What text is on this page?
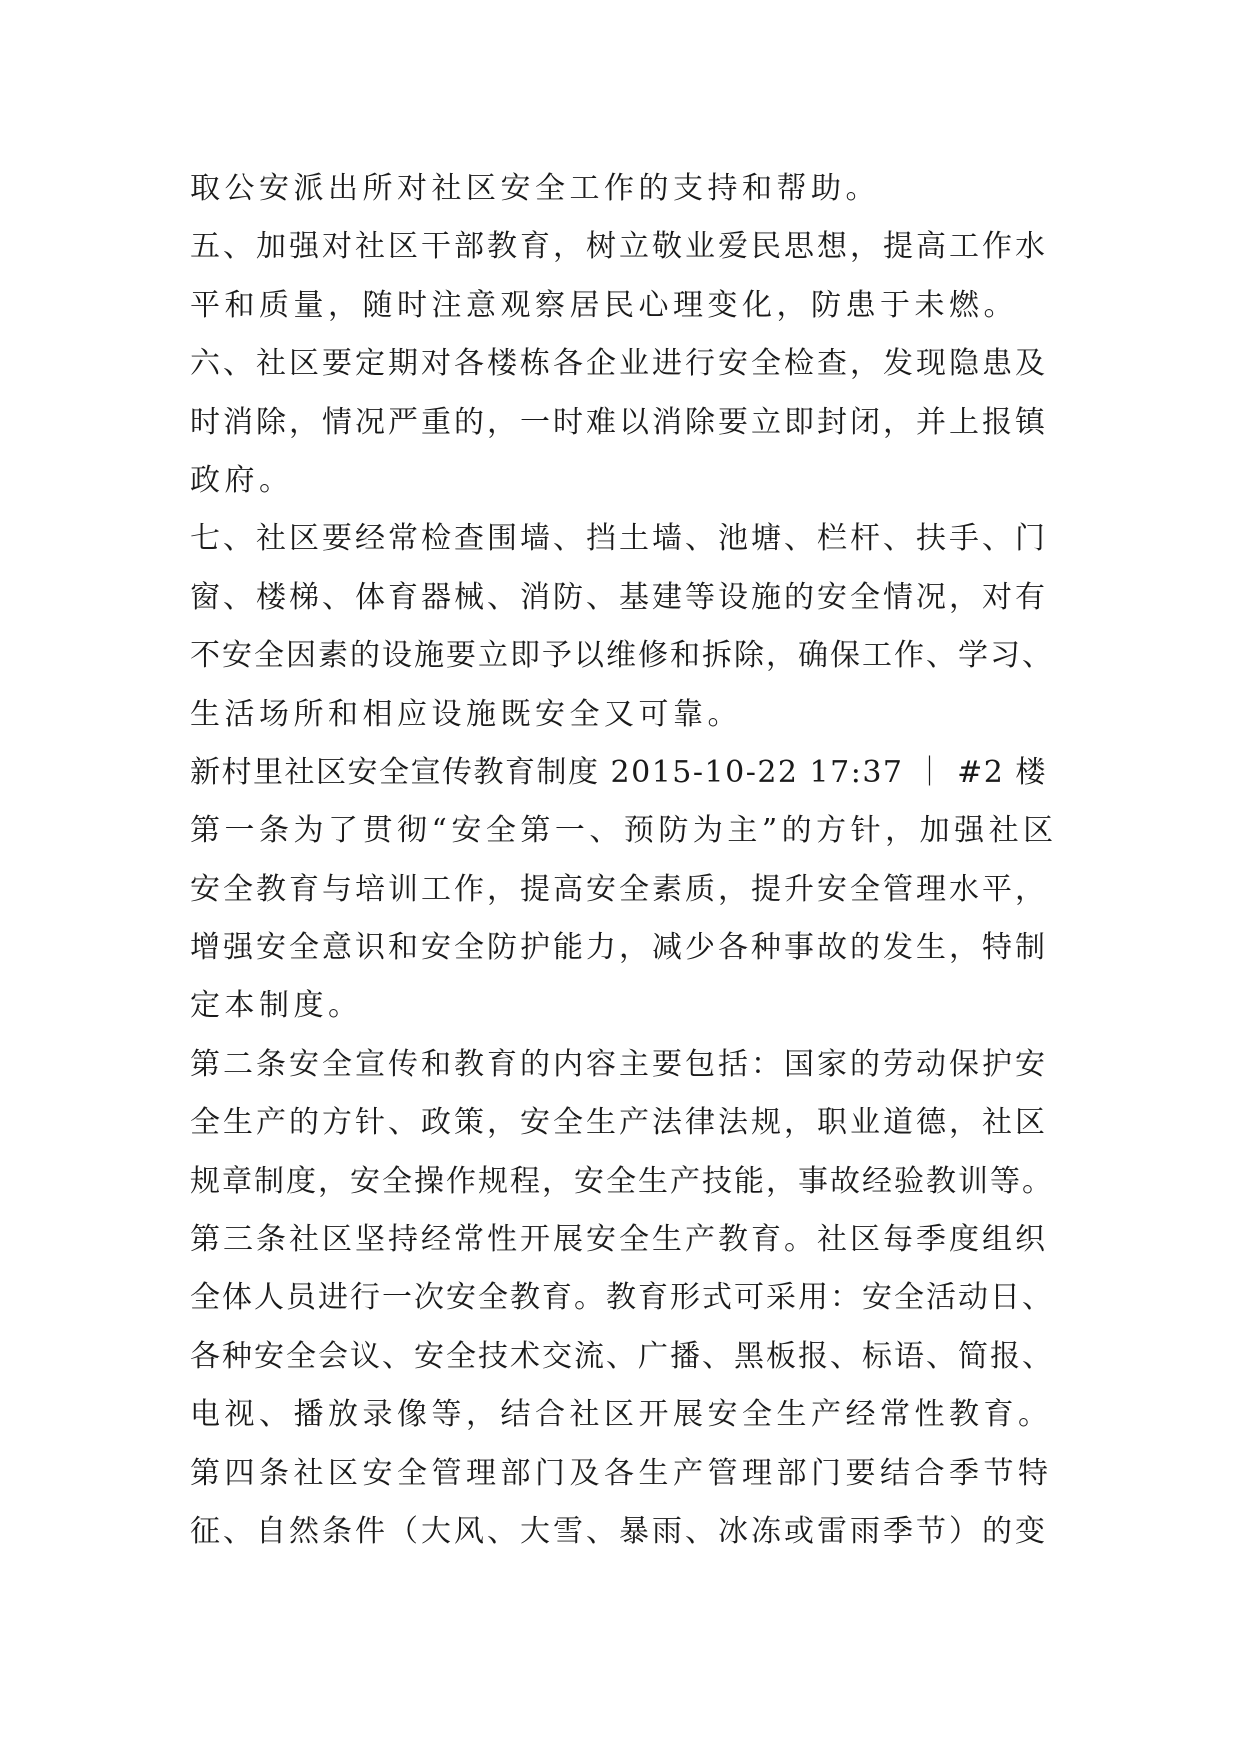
取公安派出所对社区安全工作的支持和帮助。
五、加强对社区干部教育，树立敬业爱民思想，提高工作水
平和质量，随时注意观察居民心理变化，防患于未燃。
六、社区要定期对各楼栋各企业进行安全检查，发现隐患及
时消除，情况严重的，一时难以消除要立即封闭，并上报镇
政府。
七、社区要经常检查围墙、挡土墙、池塘、栏杆、扶手、门
窗、楼梯、体育器械、消防、基建等设施的安全情况，对有
不安全因素的设施要立即予以维修和拆除，确保工作、学习、
生活场所和相应设施既安全又可靠。
新村里社区安全宣传教育制度 2015-10-22 17:37 ｜ #2 楼
第一条为了贯彻“安全第一、预防为主”的方针，加强社区
安全教育与培训工作，提高安全素质，提升安全管理水平，
增强安全意识和安全防护能力，减少各种事故的发生，特制
定本制度。
第二条安全宣传和教育的内容主要包括：国家的劳动保护安
全生产的方针、政策，安全生产法律法规，职业道德，社区
规章制度，安全操作规程，安全生产技能，事故经验教训等。
第三条社区坚持经常性开展安全生产教育。社区每季度组织
全体人员进行一次安全教育。教育形式可采用：安全活动日、
各种安全会议、安全技术交流、广播、黑板报、标语、简报、
电视、播放录像等，结合社区开展安全生产经常性教育。
第四条社区安全管理部门及各生产管理部门要结合季节特
征、自然条件（大风、大雪、暴雨、冰冻或雷雨季节）的变
